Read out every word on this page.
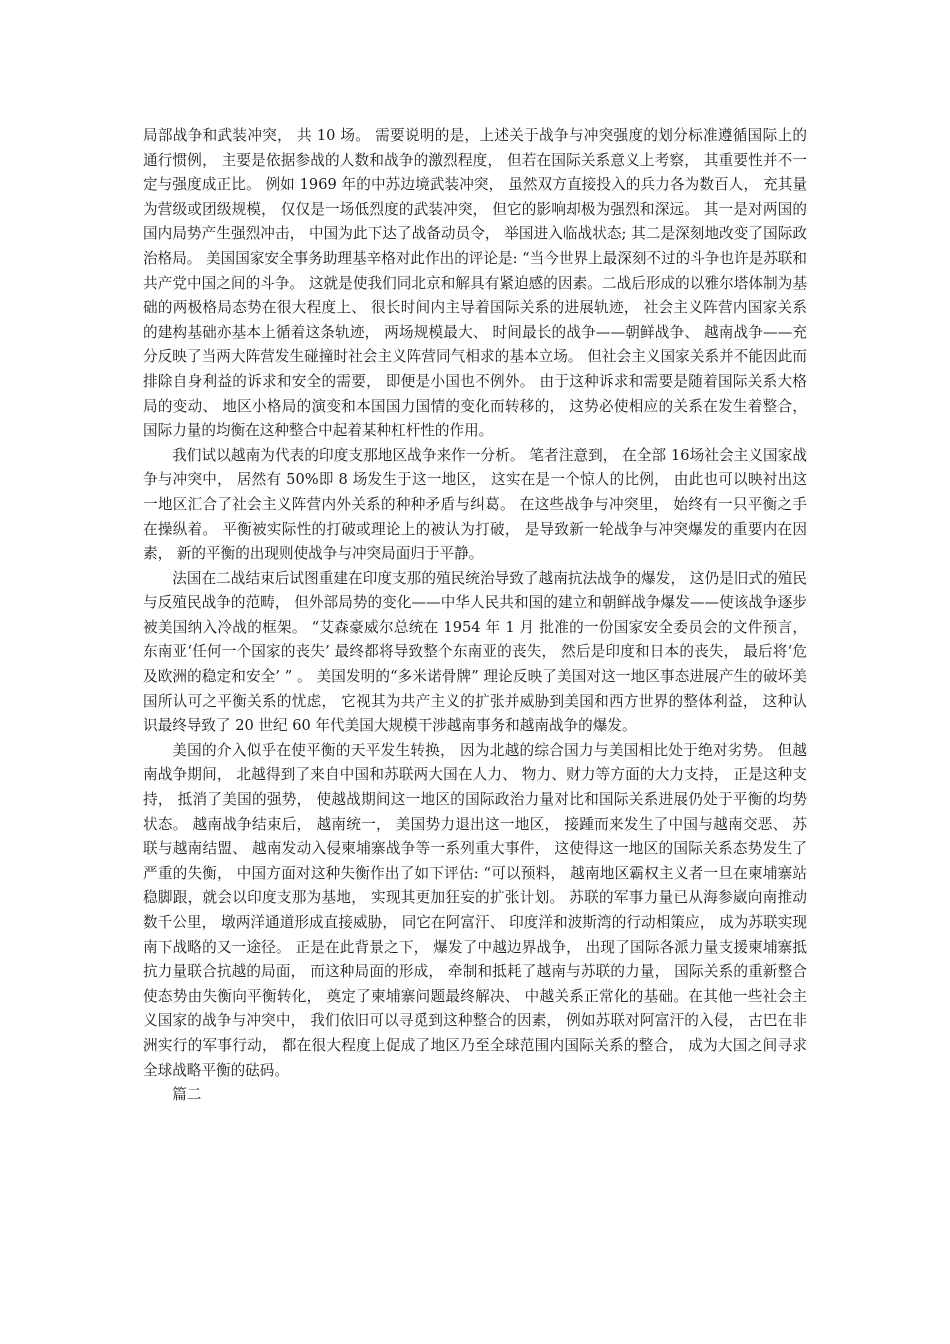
局部战争和武装冲突， 共 10 场。 需要说明的是，上述关于战争与冲突强度的划分标准遵循国际上的通行惯例， 主要是依据参战的人数和战争的激烈程度， 但若在国际关系意义上考察， 其重要性并不一定与强度成正比。 例如 1969 年的中苏边境武装冲突， 虽然双方直接投入的兵力各为数百人， 充其量为营级或团级规模， 仅仅是一场低烈度的武装冲突， 但它的影响却极为强烈和深远。 其一是对两国的国内局势产生强烈冲击， 中国为此下达了战备动员令， 举国进入临战状态; 其二是深刻地改变了国际政治格局。 美国国家安全事务助理基辛格对此作出的评论是: “当今世界上最深刻不过的斗争也许是苏联和共产党中国之间的斗争。 这就是使我们同北京和解具有紧迫感的因素。二战后形成的以雅尔塔体制为基础的两极格局态势在很大程度上、 很长时间内主导着国际关系的进展轨迹， 社会主义阵营内国家关系的建构基础亦基本上循着这条轨迹， 两场规模最大、 时间最长的战争——朝鲜战争、 越南战争——充分反映了当两大阵营发生碰撞时社会主义阵营同气相求的基本立场。 但社会主义国家关系并不能因此而排除自身利益的诉求和安全的需要， 即便是小国也不例外。 由于这种诉求和需要是随着国际关系大格局的变动、 地区小格局的演变和本国国力国情的变化而转移的， 这势必使相应的关系在发生着整合， 国际力量的均衡在这种整合中起着某种杠杆性的作用。

我们试以越南为代表的印度支那地区战争来作一分析。 笔者注意到， 在全部 16场社会主义国家战争与冲突中， 居然有 50%即 8 场发生于这一地区， 这实在是一个惊人的比例， 由此也可以映衬出这一地区汇合了社会主义阵营内外关系的种种矛盾与纠葛。 在这些战争与冲突里， 始终有一只平衡之手在操纵着。 平衡被实际性的打破或理论上的被认为打破， 是导致新一轮战争与冲突爆发的重要内在因素， 新的平衡的出现则使战争与冲突局面归于平静。

法国在二战结束后试图重建在印度支那的殖民统治导致了越南抗法战争的爆发， 这仍是旧式的殖民与反殖民战争的范畴， 但外部局势的变化——中华人民共和国的建立和朝鲜战争爆发——使该战争逐步被美国纳入冷战的框架。 “艾森豪威尔总统在 1954 年 1 月 批准的一份国家安全委员会的文件预言， 东南亚‘任何一个国家的丧失’ 最终都将导致整个东南亚的丧失， 然后是印度和日本的丧失， 最后将‘危及欧洲的稳定和安全’ ” 。 美国发明的“多米诺骨牌” 理论反映了美国对这一地区事态进展产生的破坏美国所认可之平衡关系的忧虑， 它视其为共产主义的扩张并威胁到美国和西方世界的整体利益， 这种认识最终导致了 20 世纪 60 年代美国大规模干涉越南事务和越南战争的爆发。

美国的介入似乎在使平衡的天平发生转换， 因为北越的综合国力与美国相比处于绝对劣势。 但越南战争期间， 北越得到了来自中国和苏联两大国在人力、 物力、财力等方面的大力支持， 正是这种支持， 抵消了美国的强势， 使越战期间这一地区的国际政治力量对比和国际关系进展仍处于平衡的均势状态。 越南战争结束后， 越南统一， 美国势力退出这一地区， 接踵而来发生了中国与越南交恶、 苏联与越南结盟、 越南发动入侵柬埔寨战争等一系列重大事件， 这使得这一地区的国际关系态势发生了严重的失衡， 中国方面对这种失衡作出了如下评估: “可以预料， 越南地区霸权主义者一旦在柬埔寨站稳脚跟，就会以印度支那为基地， 实现其更加狂妄的扩张计划。 苏联的军事力量已从海参崴向南推动数千公里， 墩两洋通道形成直接威胁， 同它在阿富汗、 印度洋和波斯湾的行动相策应， 成为苏联实现南下战略的又一途径。 正是在此背景之下， 爆发了中越边界战争， 出现了国际各派力量支援柬埔寨抵抗力量联合抗越的局面， 而这种局面的形成， 牵制和抵耗了越南与苏联的力量， 国际关系的重新整合使态势由失衡向平衡转化， 奠定了柬埔寨问题最终解决、 中越关系正常化的基础。在其他一些社会主义国家的战争与冲突中， 我们依旧可以寻觅到这种整合的因素， 例如苏联对阿富汗的入侵， 古巴在非洲实行的军事行动， 都在很大程度上促成了地区乃至全球范围内国际关系的整合， 成为大国之间寻求全球战略平衡的砝码。

篇二
